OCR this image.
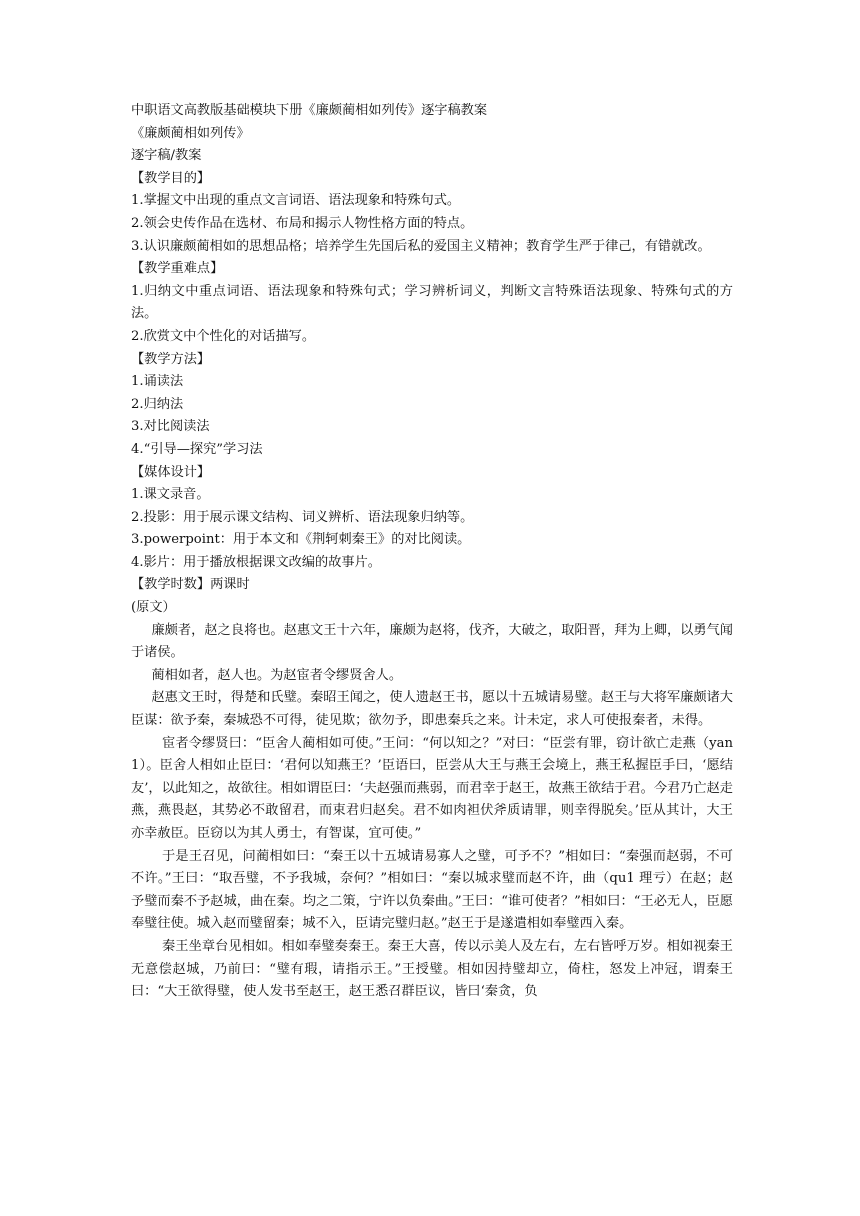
中职语文高教版基础模块下册《廉颇蔺相如列传》逐字稿教案

《廉颇蔺相如列传》

逐字稿/教案

【教学目的】

1.掌握文中出现的重点文言词语、语法现象和特殊句式。

2.领会史传作品在选材、布局和揭示人物性格方面的特点。

3.认识廉颇蔺相如的思想品格；培养学生先国后私的爱国主义精神；教育学生严于律己，有错就改。

【教学重难点】

1.归纳文中重点词语、语法现象和特殊句式；学习辨析词义，判断文言特殊语法现象、特殊句式的方法。

2.欣赏文中个性化的对话描写。

【教学方法】

1.诵读法

2.归纳法

3.对比阅读法

4.“引导—探究”学习法

【媒体设计】

1.课文录音。

2.投影：用于展示课文结构、词义辨析、语法现象归纳等。

3.powerpoint：用于本文和《荆轲刺秦王》的对比阅读。

4.影片：用于播放根据课文改编的故事片。

【教学时数】两课时

(原文）

廉颇者，赵之良将也。赵惠文王十六年，廉颇为赵将，伐齐，大破之，取阳晋，拜为上卿，以勇气闻于诸侯。

蔺相如者，赵人也。为赵宦者令缪贤舍人。

赵惠文王时，得楚和氏璧。秦昭王闻之，使人遗赵王书，愿以十五城请易璧。赵王与大将军廉颇诸大臣谋：欲予秦，秦城恐不可得，徒见欺；欲勿予，即患秦兵之来。计未定，求人可使报秦者，未得。

宦者令缪贤曰：“臣舍人蔺相如可使。”王问：“何以知之？”对曰：“臣尝有罪，窃计欲亡走燕（yan1）。臣舍人相如止臣曰：‘君何以知燕王？’臣语曰，臣尝从大王与燕王会境上，燕王私握臣手曰，‘愿结友’，以此知之，故欲往。相如谓臣曰：‘夫赵强而燕弱，而君幸于赵王，故燕王欲结于君。今君乃亡赵走燕，燕畏赵，其势必不敢留君，而束君归赵矣。君不如肉袒伏斧质请罪，则幸得脱矣。’臣从其计，大王亦幸赦臣。臣窃以为其人勇士，有智谋，宜可使。”

于是王召见，问蔺相如曰：“秦王以十五城请易寡人之璧，可予不？”相如曰：“秦强而赵弱，不可不许。”王曰：“取吾璧，不予我城，奈何？”相如曰：“秦以城求璧而赵不许，曲（qu1 理亏）在赵；赵予璧而秦不予赵城，曲在秦。均之二策，宁许以负秦曲。”王曰：“谁可使者？”相如曰：“王必无人，臣愿奉璧往使。城入赵而璧留秦；城不入，臣请完璧归赵。”赵王于是遂遣相如奉璧西入秦。

秦王坐章台见相如。相如奉璧奏秦王。秦王大喜，传以示美人及左右，左右皆呼万岁。相如视秦王无意偿赵城，乃前曰：“璧有瑕，请指示王。”王授璧。相如因持璧却立，倚柱，怒发上冲冠，谓秦王曰：“大王欲得璧，使人发书至赵王，赵王悉召群臣议，皆曰‘秦贪，负
